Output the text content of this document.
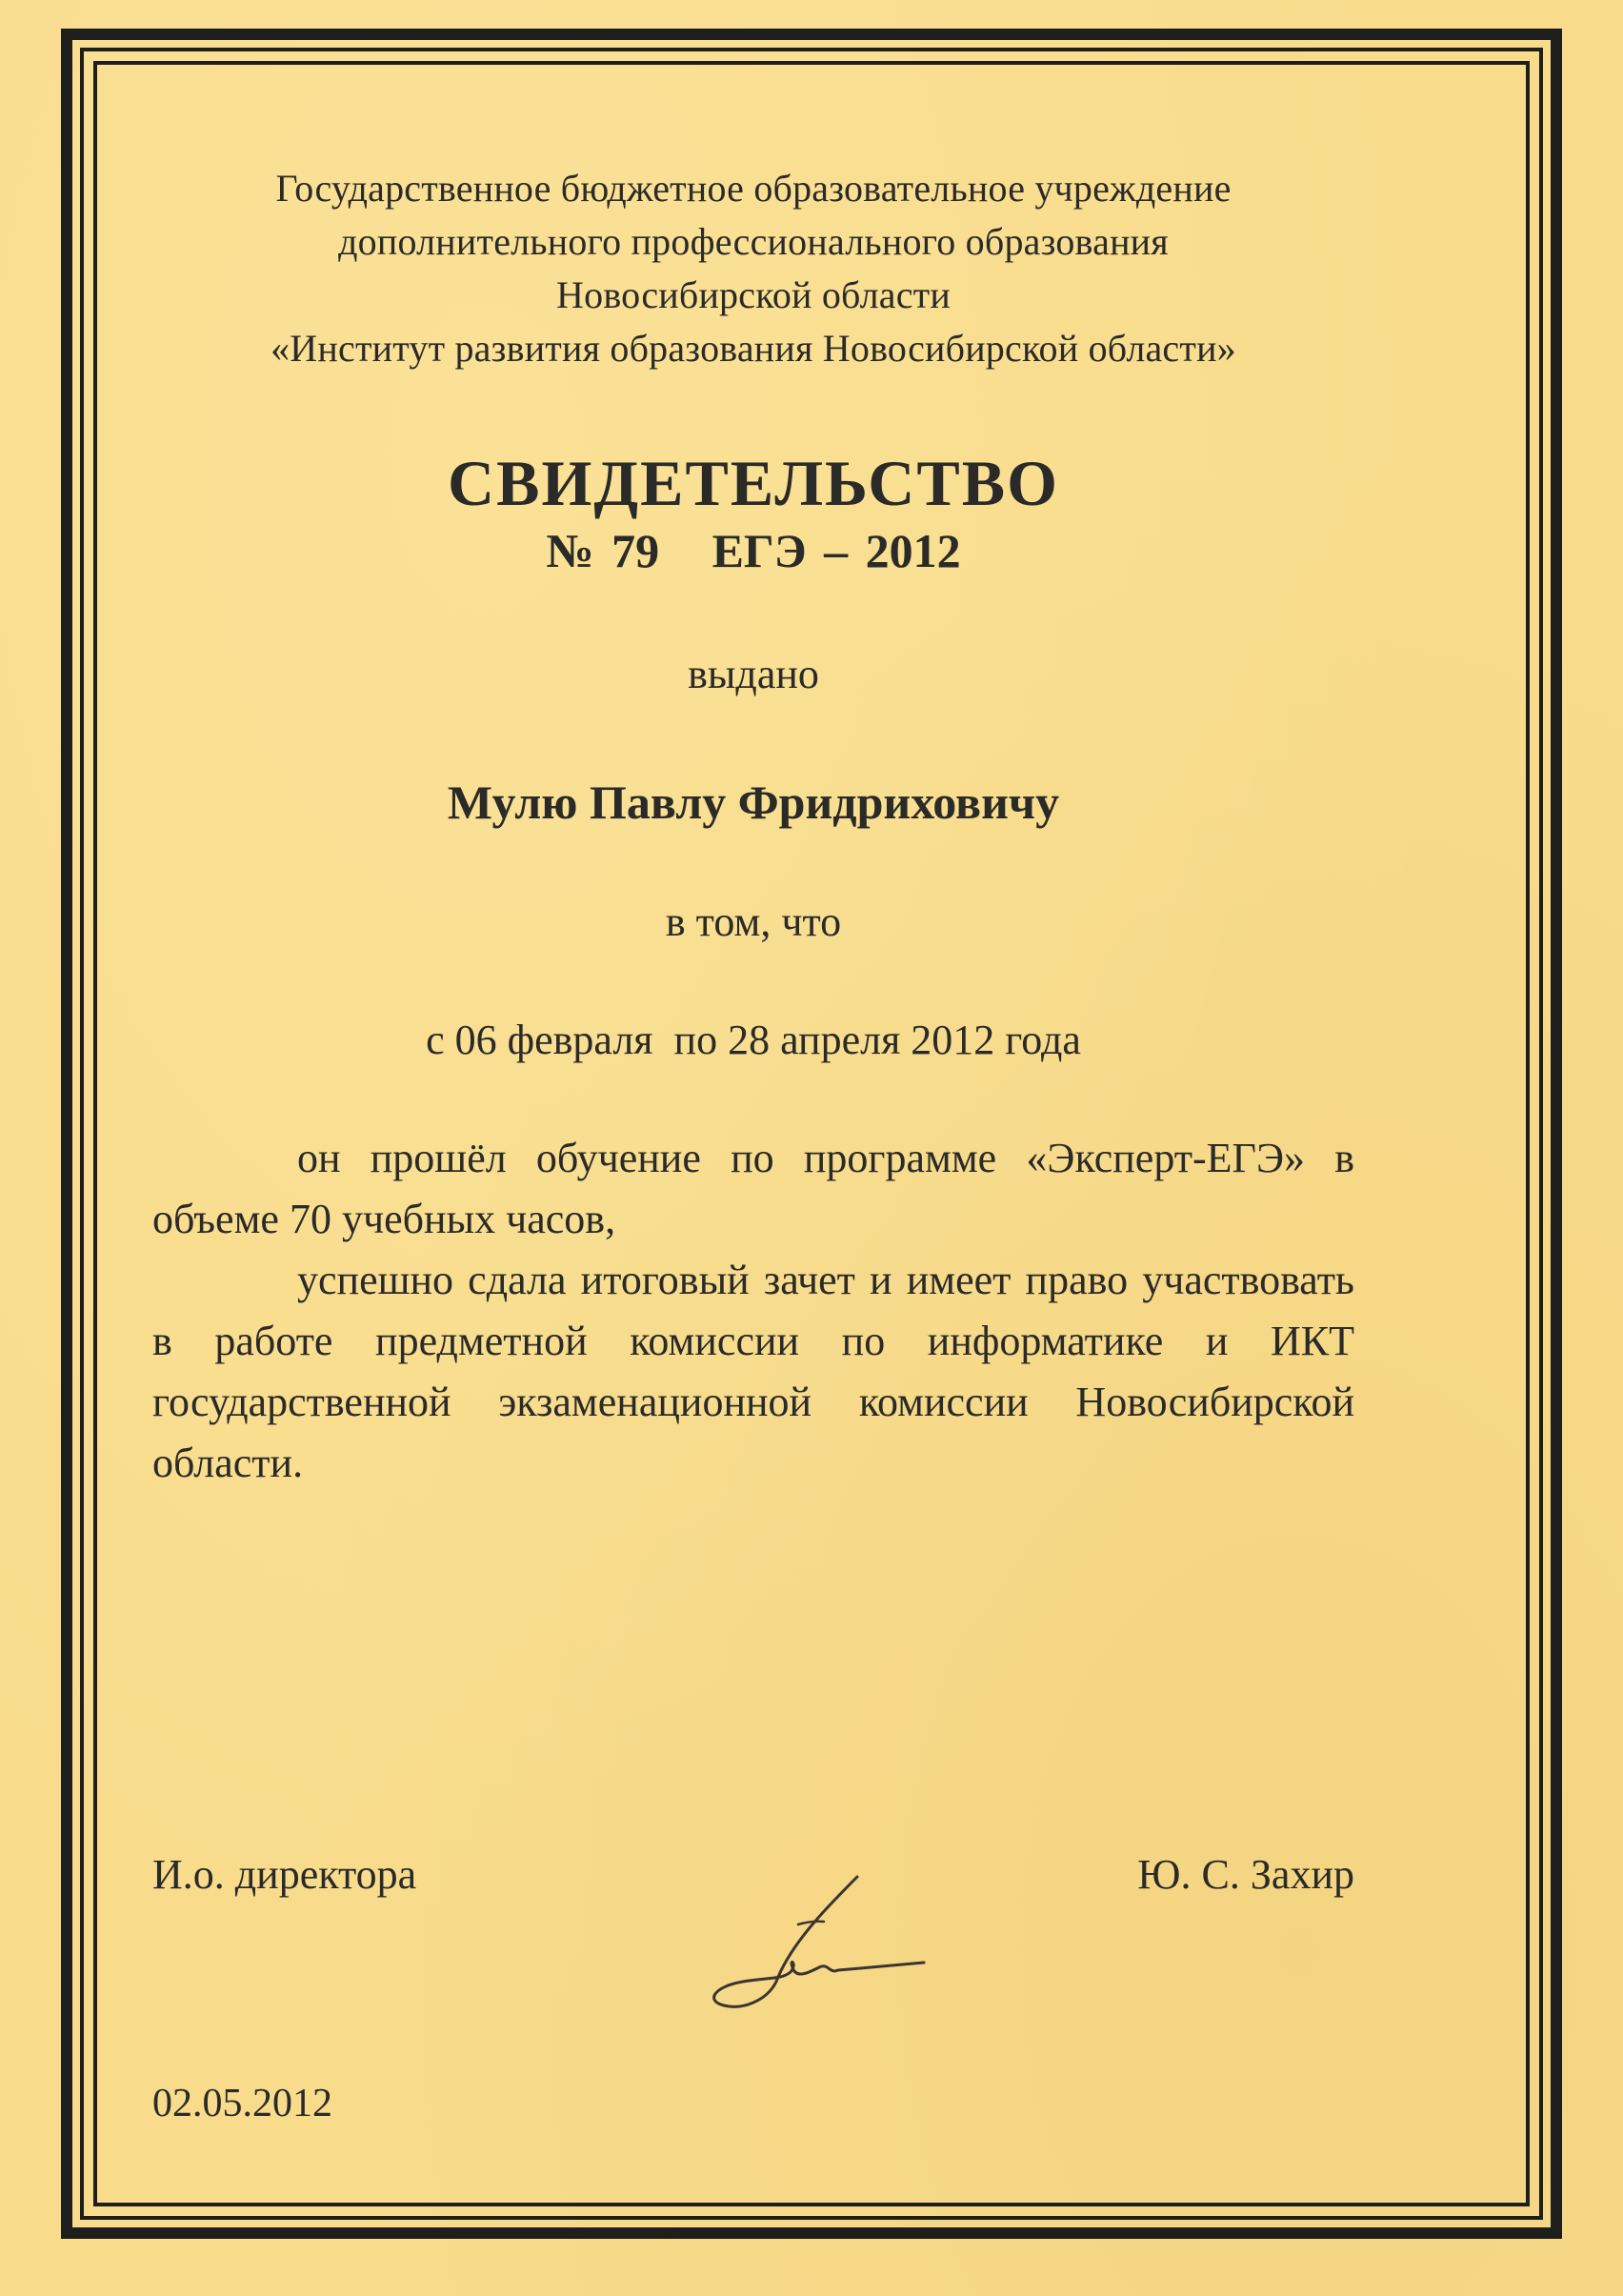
Государственное бюджетное образовательное учреждение
дополнительного профессионального образования
Новосибирской области
«Институт развития образования Новосибирской области»
СВИДЕТЕЛЬСТВО
№ 79   ЕГЭ – 2012
выдано
Мулю Павлу Фридриховичу
в том, что
с 06 февраля  по 28 апреля 2012 года
он прошёл обучение по программе «Эксперт-ЕГЭ» в объеме 70 учебных часов,
успешно сдала итоговый зачет и имеет право участвовать в работе предметной комиссии по информатике и ИКТ государственной экзаменационной комиссии Новосибирской области.
И.о. директора	Ю. С. Захир
02.05.2012
